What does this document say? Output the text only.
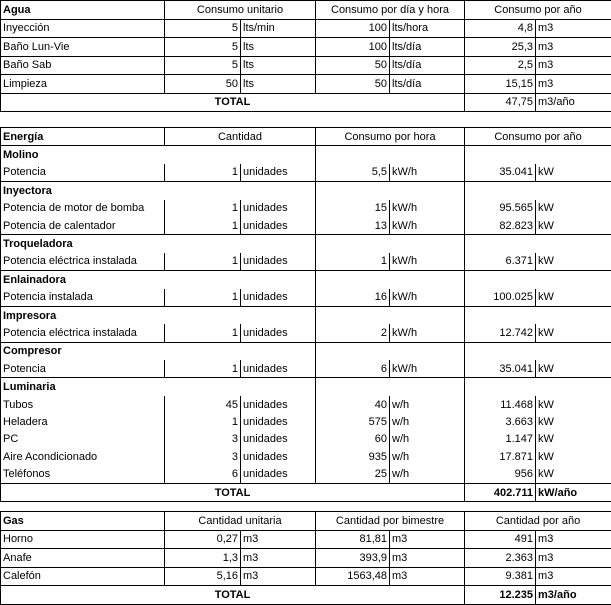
Agua	Consumo unitario		Consumo por día y hora		Consumo por año	
Inyección	5	lts/min	100	lts/hora	4,8	m3
Baño Lun-Vie	5	lts	100	lts/día	25,3	m3
Baño Sab	5	lts	50	lts/día	2,5	m3
Limpieza	50	lts	50	lts/día	15,15	m3
TOTAL					47,75	m3/año
Energía	Cantidad		Consumo por hora		Consumo por año	
Molino						
Potencia	1	unidades	5,5	kW/h	35.041	kW
Inyectora						
Potencia de motor de bomba	1	unidades	15	kW/h	95.565	kW
Potencia de calentador	1	unidades	13	kW/h	82.823	kW
Troqueladora						
Potencia eléctrica instalada	1	unidades	1	kW/h	6.371	kW
Enlainadora						
Potencia instalada	1	unidades	16	kW/h	100.025	kW
Impresora						
Potencia eléctrica instalada	1	unidades	2	kW/h	12.742	kW
Compresor						
Potencia	1	unidades	6	kW/h	35.041	kW
Luminaria						
Tubos	45	unidades	40	w/h	11.468	kW
Heladera	1	unidades	575	w/h	3.663	kW
PC	3	unidades	60	w/h	1.147	kW
Aire Acondicionado	3	unidades	935	w/h	17.871	kW
Teléfonos	6	unidades	25	w/h	956	kW
TOTAL					402.711	kW/año
Gas	Cantidad unitaria		Cantidad por bimestre		Cantidad por año	
Horno	0,27	m3	81,81	m3	491	m3
Anafe	1,3	m3	393,9	m3	2.363	m3
Calefón	5,16	m3	1563,48	m3	9.381	m3
TOTAL					12.235	m3/año
